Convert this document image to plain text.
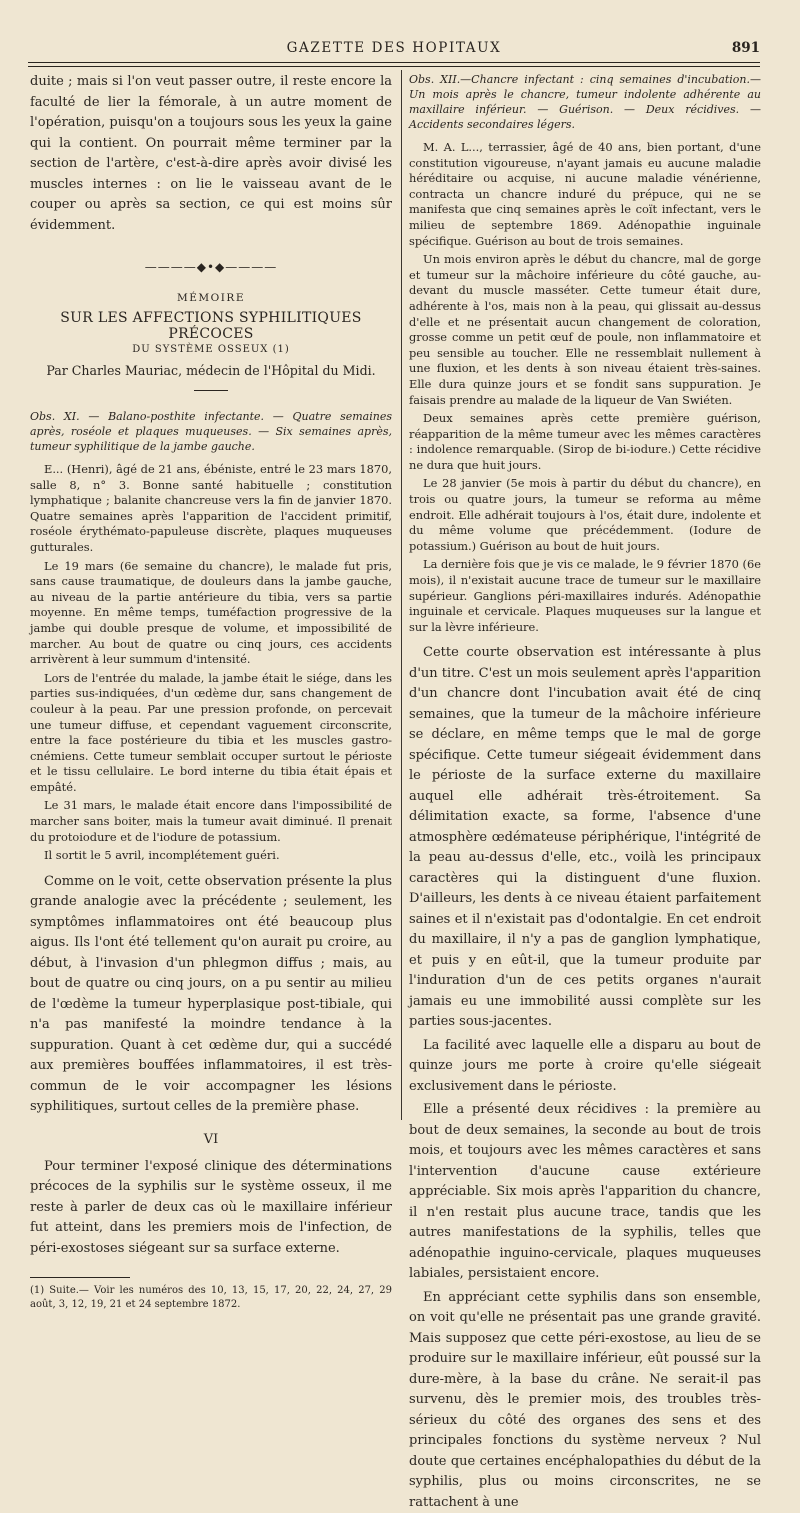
GAZETTE DES HOPITAUX	891

duite ; mais si l'on veut passer outre, il reste encore la faculté de lier la fémorale, à un autre moment de l'opération, puisqu'on a toujours sous les yeux la gaine qui la contient. On pourrait même terminer par la section de l'artère, c'est-à-dire après avoir divisé les muscles internes : on lie le vaisseau avant de le couper ou après sa section, ce qui est moins sûr évidemment.

————◆•◆————
MÉMOIRE
SUR LES AFFECTIONS SYPHILITIQUES PRÉCOCES
DU SYSTÈME OSSEUX (1)
Par Charles Mauriac, médecin de l'Hôpital du Midi.

Obs. XI. — Balano-posthite infectante. — Quatre semaines après, roséole et plaques muqueuses. — Six semaines après, tumeur syphilitique de la jambe gauche.

E... (Henri), âgé de 21 ans, ébéniste, entré le 23 mars 1870, salle 8, n° 3. Bonne santé habituelle ; constitution lymphatique ; balanite chancreuse vers la fin de janvier 1870. Quatre semaines après l'apparition de l'accident primitif, roséole érythémato-papuleuse discrète, plaques muqueuses gutturales.

Le 19 mars (6e semaine du chancre), le malade fut pris, sans cause traumatique, de douleurs dans la jambe gauche, au niveau de la partie antérieure du tibia, vers sa partie moyenne. En même temps, tuméfaction progressive de la jambe qui double presque de volume, et impossibilité de marcher. Au bout de quatre ou cinq jours, ces accidents arrivèrent à leur summum d'intensité.

Lors de l'entrée du malade, la jambe était le siége, dans les parties sus-indiquées, d'un œdème dur, sans changement de couleur à la peau. Par une pression profonde, on percevait une tumeur diffuse, et cependant vaguement circonscrite, entre la face postérieure du tibia et les muscles gastro-cnémiens. Cette tumeur semblait occuper surtout le périoste et le tissu cellulaire. Le bord interne du tibia était épais et empâté.

Le 31 mars, le malade était encore dans l'impossibilité de marcher sans boiter, mais la tumeur avait diminué. Il prenait du protoiodure et de l'iodure de potassium.

Il sortit le 5 avril, incomplétement guéri.

Comme on le voit, cette observation présente la plus grande analogie avec la précédente ; seulement, les symptômes inflammatoires ont été beaucoup plus aigus. Ils l'ont été tellement qu'on aurait pu croire, au début, à l'invasion d'un phlegmon diffus ; mais, au bout de quatre ou cinq jours, on a pu sentir au milieu de l'œdème la tumeur hyperplasique post-tibiale, qui n'a pas manifesté la moindre tendance à la suppuration. Quant à cet œdème dur, qui a succédé aux premières bouffées inflammatoires, il est très-commun de le voir accompagner les lésions syphilitiques, surtout celles de la première phase.

VI

Pour terminer l'exposé clinique des déterminations précoces de la syphilis sur le système osseux, il me reste à parler de deux cas où le maxillaire inférieur fut atteint, dans les premiers mois de l'infection, de péri-exostoses siégeant sur sa surface externe.

(1) Suite.— Voir les numéros des 10, 13, 15, 17, 20, 22, 24, 27, 29 août, 3, 12, 19, 21 et 24 septembre 1872.

Obs. XII.—Chancre infectant : cinq semaines d'incubation.— Un mois après le chancre, tumeur indolente adhérente au maxillaire inférieur. — Guérison. — Deux récidives. — Accidents secondaires légers.

M. A. L..., terrassier, âgé de 40 ans, bien portant, d'une constitution vigoureuse, n'ayant jamais eu aucune maladie héréditaire ou acquise, ni aucune maladie vénérienne, contracta un chancre induré du prépuce, qui ne se manifesta que cinq semaines après le coït infectant, vers le milieu de septembre 1869. Adénopathie inguinale spécifique. Guérison au bout de trois semaines.

Un mois environ après le début du chancre, mal de gorge et tumeur sur la mâchoire inférieure du côté gauche, au-devant du muscle masséter. Cette tumeur était dure, adhérente à l'os, mais non à la peau, qui glissait au-dessus d'elle et ne présentait aucun changement de coloration, grosse comme un petit œuf de poule, non inflammatoire et peu sensible au toucher. Elle ne ressemblait nullement à une fluxion, et les dents à son niveau étaient très-saines. Elle dura quinze jours et se fondit sans suppuration. Je faisais prendre au malade de la liqueur de Van Swiéten.

Deux semaines après cette première guérison, réapparition de la même tumeur avec les mêmes caractères : indolence remarquable. (Sirop de bi-iodure.) Cette récidive ne dura que huit jours.

Le 28 janvier (5e mois à partir du début du chancre), en trois ou quatre jours, la tumeur se reforma au même endroit. Elle adhérait toujours à l'os, était dure, indolente et du même volume que précédemment. (Iodure de potassium.) Guérison au bout de huit jours.

La dernière fois que je vis ce malade, le 9 février 1870 (6e mois), il n'existait aucune trace de tumeur sur le maxillaire supérieur. Ganglions péri-maxillaires indurés. Adénopathie inguinale et cervicale. Plaques muqueuses sur la langue et sur la lèvre inférieure.

Cette courte observation est intéressante à plus d'un titre. C'est un mois seulement après l'apparition d'un chancre dont l'incubation avait été de cinq semaines, que la tumeur de la mâchoire inférieure se déclare, en même temps que le mal de gorge spécifique. Cette tumeur siégeait évidemment dans le périoste de la surface externe du maxillaire auquel elle adhérait très-étroitement. Sa délimitation exacte, sa forme, l'absence d'une atmosphère œdémateuse périphérique, l'intégrité de la peau au-dessus d'elle, etc., voilà les principaux caractères qui la distinguent d'une fluxion. D'ailleurs, les dents à ce niveau étaient parfaitement saines et il n'existait pas d'odontalgie. En cet endroit du maxillaire, il n'y a pas de ganglion lymphatique, et puis y en eût-il, que la tumeur produite par l'induration d'un de ces petits organes n'aurait jamais eu une immobilité aussi complète sur les parties sous-jacentes.

La facilité avec laquelle elle a disparu au bout de quinze jours me porte à croire qu'elle siégeait exclusivement dans le périoste.

Elle a présenté deux récidives : la première au bout de deux semaines, la seconde au bout de trois mois, et toujours avec les mêmes caractères et sans l'intervention d'aucune cause extérieure appréciable. Six mois après l'apparition du chancre, il n'en restait plus aucune trace, tandis que les autres manifestations de la syphilis, telles que adénopathie inguino-cervicale, plaques muqueuses labiales, persistaient encore.

En appréciant cette syphilis dans son ensemble, on voit qu'elle ne présentait pas une grande gravité. Mais supposez que cette péri-exostose, au lieu de se produire sur le maxillaire inférieur, eût poussé sur la dure-mère, à la base du crâne. Ne serait-il pas survenu, dès le premier mois, des troubles très-sérieux du côté des organes des sens et des principales fonctions du système nerveux ? Nul doute que certaines encéphalopathies du début de la syphilis, plus ou moins circonscrites, ne se rattachent à une
